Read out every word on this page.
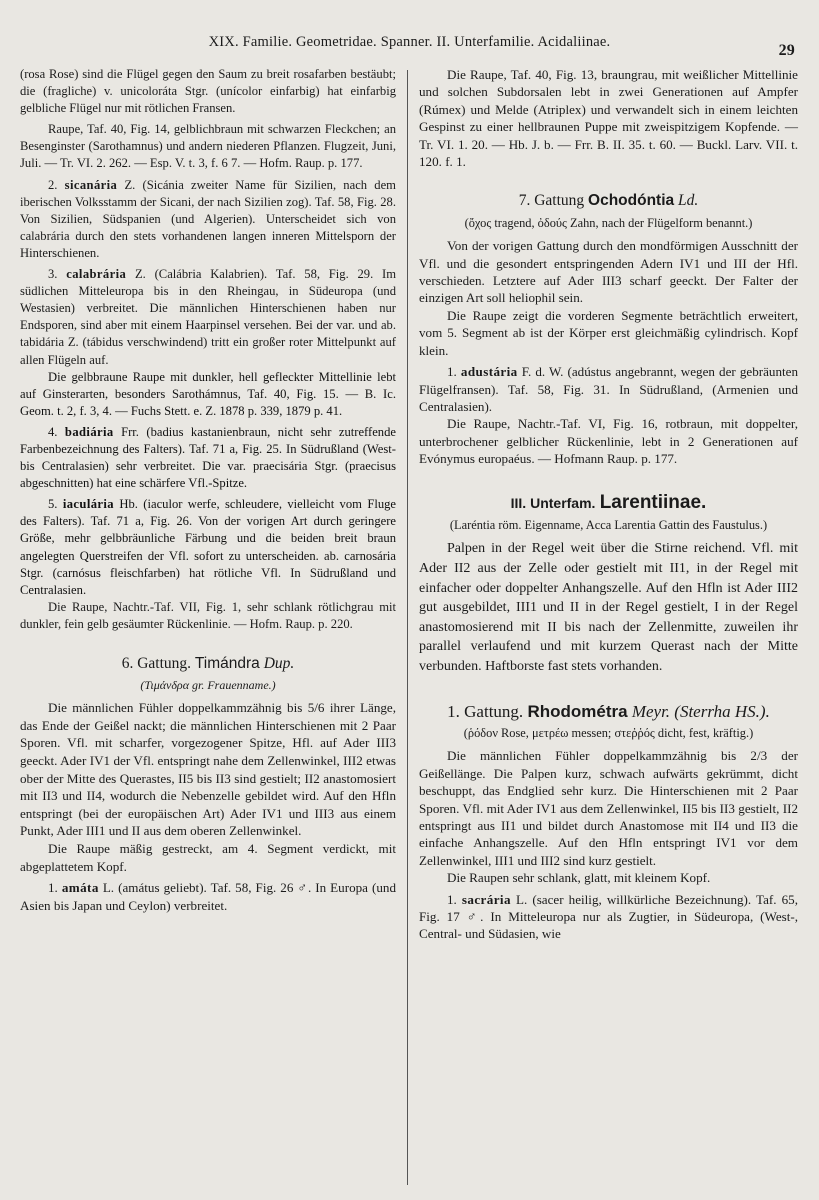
XIX. Familie. Geometridae. Spanner. II. Unterfamilie. Acidaliinae.	29

(rosa Rose) sind die Flügel gegen den Saum zu breit rosafarben bestäubt; die (fragliche) v. unicoloráta Stgr. (unícolor einfarbig) hat einfarbig gelbliche Flügel nur mit rötlichen Fransen.

Raupe, Taf. 40, Fig. 14, gelblichbraun mit schwarzen Fleckchen; an Besenginster (Sarothamnus) und andern niederen Pflanzen. Flugzeit, Juni, Juli. — Tr. VI. 2. 262. — Esp. V. t. 3, f. 6 7. — Hofm. Raup. p. 177.

2. sicanária Z. (Sicánia zweiter Name für Sizilien, nach dem iberischen Volksstamm der Sicani, der nach Sizilien zog). Taf. 58, Fig. 28. Von Sizilien, Südspanien (und Algerien). Unterscheidet sich von calabrária durch den stets vorhandenen langen inneren Mittelsporn der Hinterschienen.

3. calabrária Z. (Calábria Kalabrien). Taf. 58, Fig. 29. Im südlichen Mitteleuropa bis in den Rheingau, in Südeuropa (und Westasien) verbreitet. Die männlichen Hinterschienen haben nur Endsporen, sind aber mit einem Haarpinsel versehen. Bei der var. und ab. tabidária Z. (tábidus verschwindend) tritt ein großer roter Mittelpunkt auf allen Flügeln auf.

Die gelbbraune Raupe mit dunkler, hell gefleckter Mittellinie lebt auf Ginsterarten, besonders Sarothámnus, Taf. 40, Fig. 15. — B. Ic. Geom. t. 2, f. 3, 4. — Fuchs Stett. e. Z. 1878 p. 339, 1879 p. 41.

4. badiária Frr. (badius kastanienbraun, nicht sehr zutreffende Farbenbezeichnung des Falters). Taf. 71 a, Fig. 25. In Südrußland (West- bis Centralasien) sehr verbreitet. Die var. praecisária Stgr. (praecisus abgeschnitten) hat eine schärfere Vfl.-Spitze.

5. iaculária Hb. (iaculor werfe, schleudere, vielleicht vom Fluge des Falters). Taf. 71 a, Fig. 26. Von der vorigen Art durch geringere Größe, mehr gelbbräunliche Färbung und die beiden breit braun angelegten Querstreifen der Vfl. sofort zu unterscheiden. ab. carnosária Stgr. (carnósus fleischfarben) hat rötliche Vfl. In Südrußland und Centralasien.

Die Raupe, Nachtr.-Taf. VII, Fig. 1, sehr schlank rötlichgrau mit dunkler, fein gelb gesäumter Rückenlinie. — Hofm. Raup. p. 220.

6. Gattung. Timándra Dup.
(Τιμάνδρα gr. Frauenname.)

Die männlichen Fühler doppelkammzähnig bis 5/6 ihrer Länge, das Ende der Geißel nackt; die männlichen Hinterschienen mit 2 Paar Sporen. Vfl. mit scharfer, vorgezogener Spitze, Hfl. auf Ader III3 geeckt. Ader IV1 der Vfl. entspringt nahe dem Zellenwinkel, III2 etwas ober der Mitte des Querastes, II5 bis II3 sind gestielt; II2 anastomosiert mit II3 und II4, wodurch die Nebenzelle gebildet wird. Auf den Hfln entspringt (bei der europäischen Art) Ader IV1 und III3 aus einem Punkt, Ader III1 und II aus dem oberen Zellenwinkel.

Die Raupe mäßig gestreckt, am 4. Segment verdickt, mit abgeplattetem Kopf.

1. amáta L. (amátus geliebt). Taf. 58, Fig. 26 ♂. In Europa (und Asien bis Japan und Ceylon) verbreitet.

Die Raupe, Taf. 40, Fig. 13, braungrau, mit weißlicher Mittellinie und solchen Subdorsalen lebt in zwei Generationen auf Ampfer (Rúmex) und Melde (Atriplex) und verwandelt sich in einem leichten Gespinst zu einer hellbraunen Puppe mit zweispitzigem Kopfende. — Tr. VI. 1. 20. — Hb. J. b. — Frr. B. II. 35. t. 60. — Buckl. Larv. VII. t. 120. f. 1.

7. Gattung Ochodóntia Ld.
(ὄχος tragend, ὀδούς Zahn, nach der Flügelform benannt.)

Von der vorigen Gattung durch den mondförmigen Ausschnitt der Vfl. und die gesondert entspringenden Adern IV1 und III der Hfl. verschieden. Letztere auf Ader III3 scharf geeckt. Der Falter der einzigen Art soll heliophil sein.

Die Raupe zeigt die vorderen Segmente beträchtlich erweitert, vom 5. Segment ab ist der Körper erst gleichmäßig cylindrisch. Kopf klein.

1. adustária F. d. W. (adústus angebrannt, wegen der gebräunten Flügelfransen). Taf. 58, Fig. 31. In Südrußland, (Armenien und Centralasien).

Die Raupe, Nachtr.-Taf. VI, Fig. 16, rotbraun, mit doppelter, unterbrochener gelblicher Rückenlinie, lebt in 2 Generationen auf Evónymus europaéus. — Hofmann Raup. p. 177.

III. Unterfam. Larentiinae.
(Laréntia röm. Eigenname, Acca Larentia Gattin des Faustulus.)

Palpen in der Regel weit über die Stirne reichend. Vfl. mit Ader II2 aus der Zelle oder gestielt mit II1, in der Regel mit einfacher oder doppelter Anhangszelle. Auf den Hfln ist Ader III2 gut ausgebildet, III1 und II in der Regel gestielt, I in der Regel anastomosierend mit II bis nach der Zellenmitte, zuweilen ihr parallel verlaufend und mit kurzem Querast nach der Mitte verbunden. Haftborste fast stets vorhanden.

1. Gattung. Rhodométra Meyr. (Sterrha HS.).
(ῥόδον Rose, μετρέω messen; στεῤῥός dicht, fest, kräftig.)

Die männlichen Fühler doppelkammzähnig bis 2/3 der Geißellänge. Die Palpen kurz, schwach aufwärts gekrümmt, dicht beschuppt, das Endglied sehr kurz. Die Hinterschienen mit 2 Paar Sporen. Vfl. mit Ader IV1 aus dem Zellenwinkel, II5 bis II3 gestielt, II2 entspringt aus II1 und bildet durch Anastomose mit II4 und II3 die einfache Anhangszelle. Auf den Hfln entspringt IV1 vor dem Zellenwinkel, III1 und III2 sind kurz gestielt.

Die Raupen sehr schlank, glatt, mit kleinem Kopf.

1. sacrária L. (sacer heilig, willkürliche Bezeichnung). Taf. 65, Fig. 17 ♂. In Mitteleuropa nur als Zugtier, in Südeuropa, (West-, Central- und Südasien, wie
